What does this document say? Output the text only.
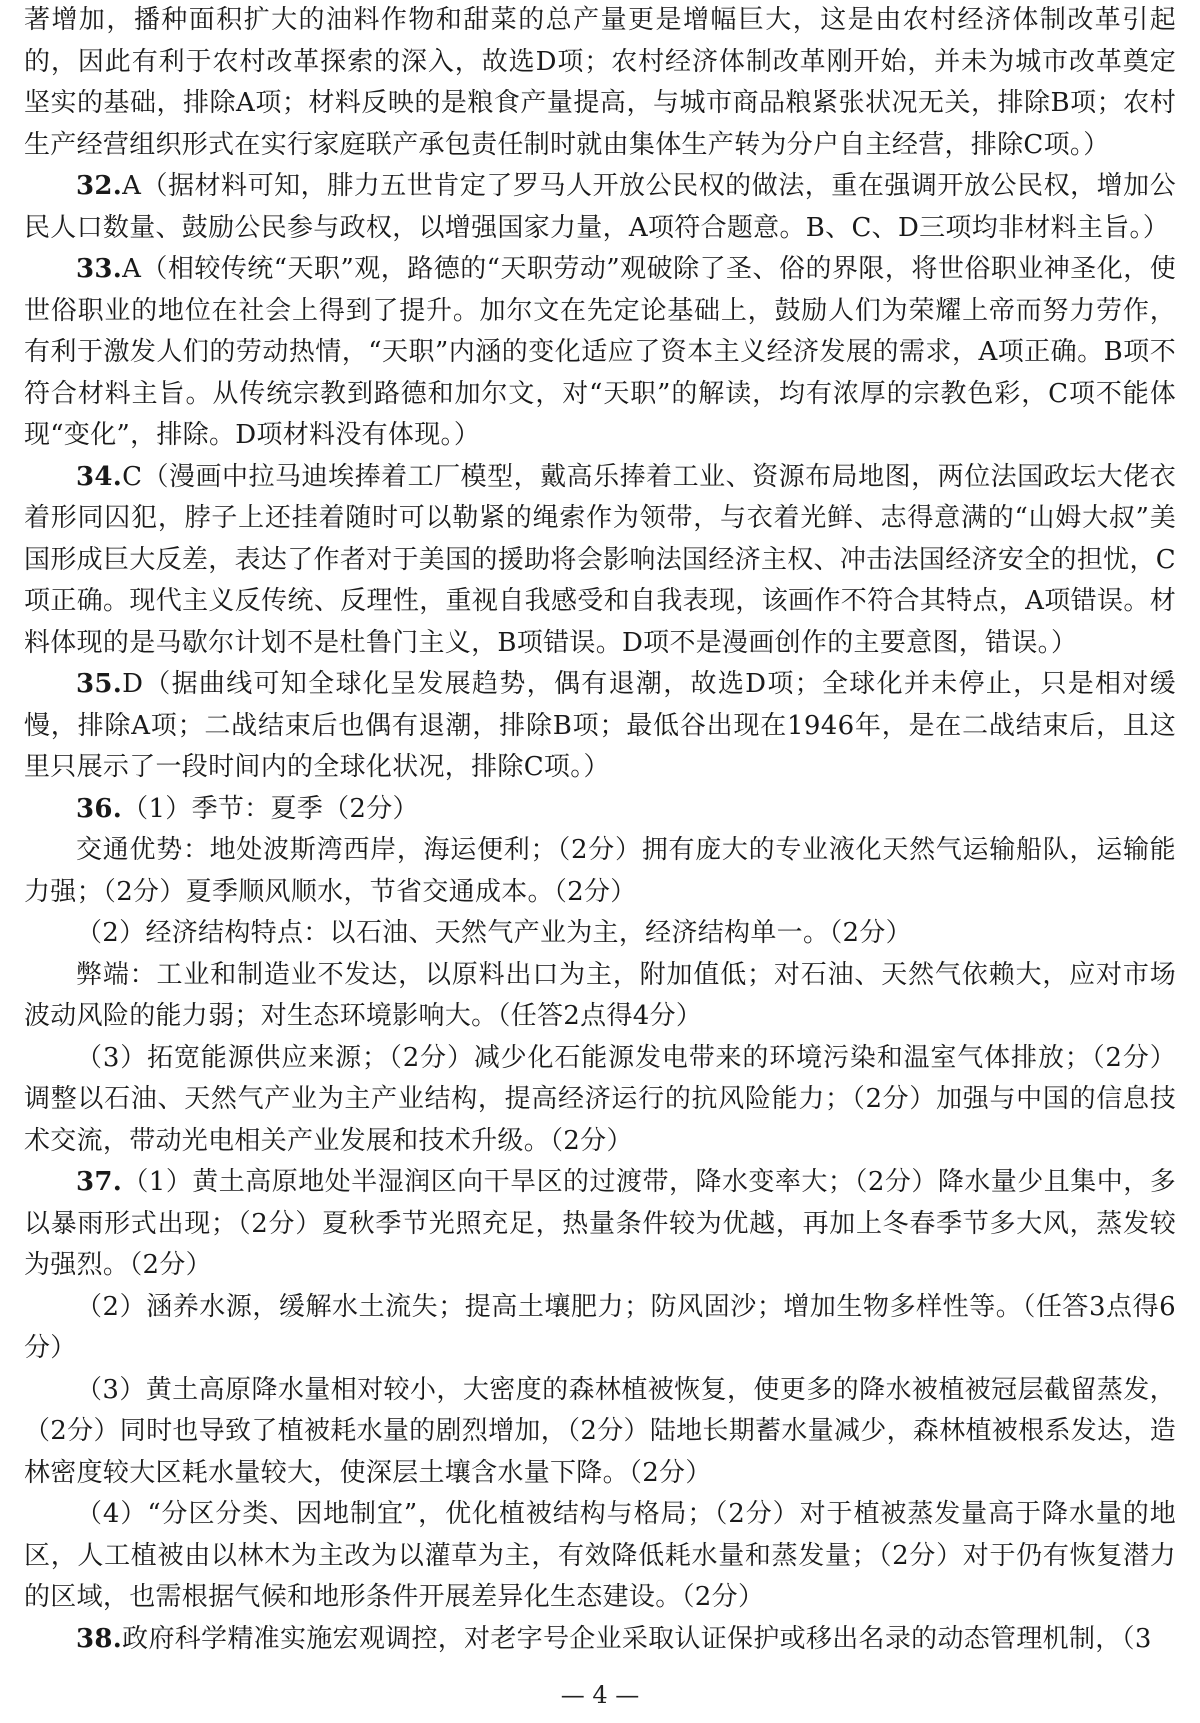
著增加，播种面积扩大的油料作物和甜菜的总产量更是增幅巨大，这是由农村经济体制改革引起的，因此有利于农村改革探索的深入，故选D项；农村经济体制改革刚开始，并未为城市改革奠定坚实的基础，排除A项；材料反映的是粮食产量提高，与城市商品粮紧张状况无关，排除B项；农村生产经营组织形式在实行家庭联产承包责任制时就由集体生产转为分户自主经营，排除C项。）

32.A（据材料可知，腓力五世肯定了罗马人开放公民权的做法，重在强调开放公民权，增加公民人口数量、鼓励公民参与政权，以增强国家力量，A项符合题意。B、C、D三项均非材料主旨。）

33.A（相较传统“天职”观，路德的“天职劳动”观破除了圣、俗的界限，将世俗职业神圣化，使世俗职业的地位在社会上得到了提升。加尔文在先定论基础上，鼓励人们为荣耀上帝而努力劳作，有利于激发人们的劳动热情，“天职”内涵的变化适应了资本主义经济发展的需求，A项正确。B项不符合材料主旨。从传统宗教到路德和加尔文，对“天职”的解读，均有浓厚的宗教色彩，C项不能体现“变化”，排除。D项材料没有体现。）

34.C（漫画中拉马迪埃捧着工厂模型，戴高乐捧着工业、资源布局地图，两位法国政坛大佬衣着形同囚犯，脖子上还挂着随时可以勒紧的绳索作为领带，与衣着光鲜、志得意满的“山姆大叔”美国形成巨大反差，表达了作者对于美国的援助将会影响法国经济主权、冲击法国经济安全的担忧，C项正确。现代主义反传统、反理性，重视自我感受和自我表现，该画作不符合其特点，A项错误。材料体现的是马歇尔计划不是杜鲁门主义，B项错误。D项不是漫画创作的主要意图，错误。）

35.D（据曲线可知全球化呈发展趋势，偶有退潮，故选D项；全球化并未停止，只是相对缓慢，排除A项；二战结束后也偶有退潮，排除B项；最低谷出现在1946年，是在二战结束后，且这里只展示了一段时间内的全球化状况，排除C项。）

36.（1）季节：夏季（2分）

交通优势：地处波斯湾西岸，海运便利；（2分）拥有庞大的专业液化天然气运输船队，运输能力强；（2分）夏季顺风顺水，节省交通成本。（2分）

（2）经济结构特点：以石油、天然气产业为主，经济结构单一。（2分）

弊端：工业和制造业不发达，以原料出口为主，附加值低；对石油、天然气依赖大，应对市场波动风险的能力弱；对生态环境影响大。（任答2点得4分）

（3）拓宽能源供应来源；（2分）减少化石能源发电带来的环境污染和温室气体排放；（2分）调整以石油、天然气产业为主产业结构，提高经济运行的抗风险能力；（2分）加强与中国的信息技术交流，带动光电相关产业发展和技术升级。（2分）

37.（1）黄土高原地处半湿润区向干旱区的过渡带，降水变率大；（2分）降水量少且集中，多以暴雨形式出现；（2分）夏秋季节光照充足，热量条件较为优越，再加上冬春季节多大风，蒸发较为强烈。（2分）

（2）涵养水源，缓解水土流失；提高土壤肥力；防风固沙；增加生物多样性等。（任答3点得6分）

（3）黄土高原降水量相对较小，大密度的森林植被恢复，使更多的降水被植被冠层截留蒸发，（2分）同时也导致了植被耗水量的剧烈增加，（2分）陆地长期蓄水量减少，森林植被根系发达，造林密度较大区耗水量较大，使深层土壤含水量下降。（2分）

（4）“分区分类、因地制宜”，优化植被结构与格局；（2分）对于植被蒸发量高于降水量的地区，人工植被由以林木为主改为以灌草为主，有效降低耗水量和蒸发量；（2分）对于仍有恢复潜力的区域，也需根据气候和地形条件开展差异化生态建设。（2分）

38.政府科学精准实施宏观调控，对老字号企业采取认证保护或移出名录的动态管理机制，（3

— 4 —
